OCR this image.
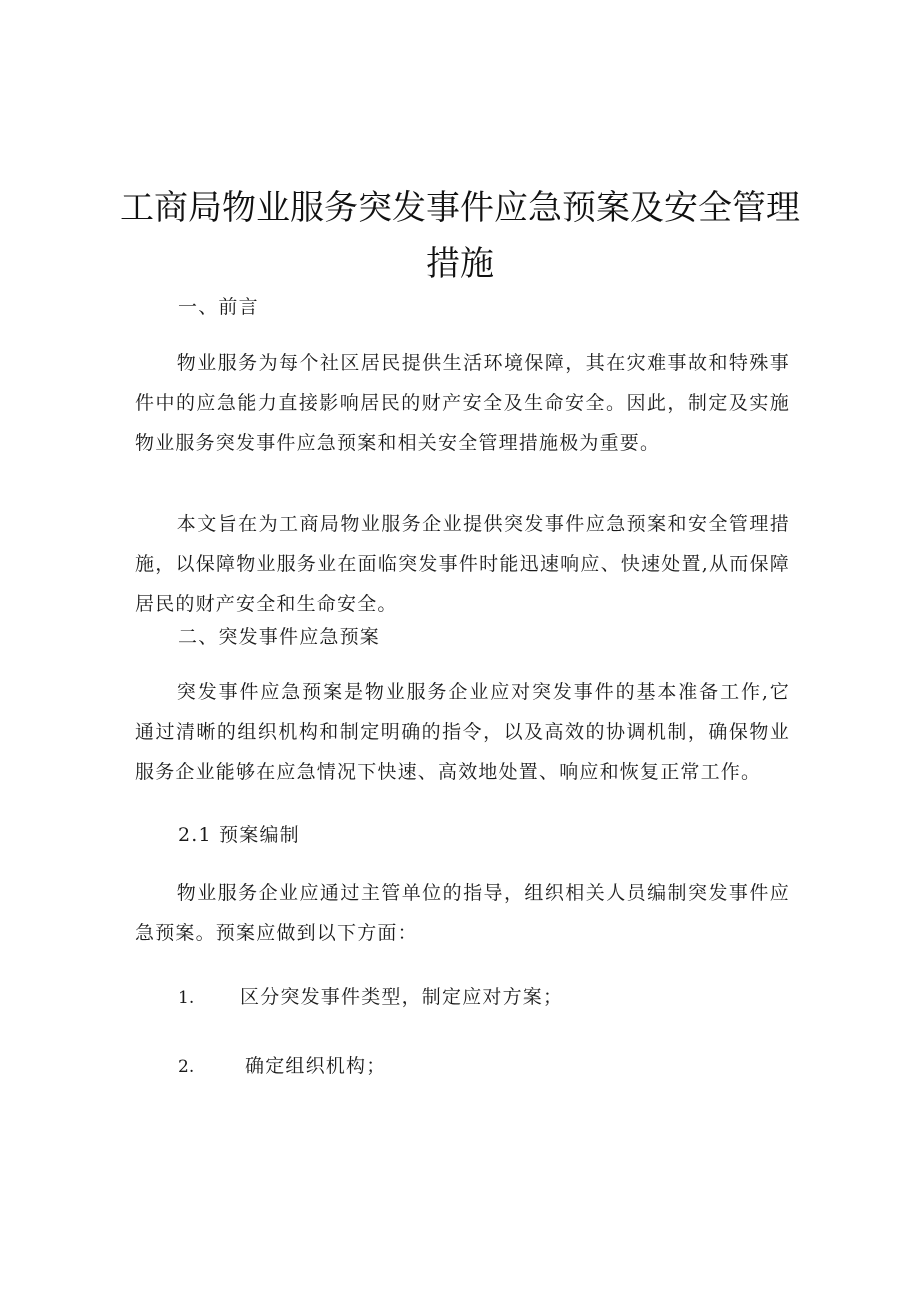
工商局物业服务突发事件应急预案及安全管理措施
一、前言
物业服务为每个社区居民提供生活环境保障，其在灾难事故和特殊事件中的应急能力直接影响居民的财产安全及生命安全。因此，制定及实施物业服务突发事件应急预案和相关安全管理措施极为重要。
本文旨在为工商局物业服务企业提供突发事件应急预案和安全管理措施，以保障物业服务业在面临突发事件时能迅速响应、快速处置,从而保障居民的财产安全和生命安全。
二、突发事件应急预案
突发事件应急预案是物业服务企业应对突发事件的基本准备工作,它通过清晰的组织机构和制定明确的指令，以及高效的协调机制，确保物业服务企业能够在应急情况下快速、高效地处置、响应和恢复正常工作。
2.1 预案编制
物业服务企业应通过主管单位的指导，组织相关人员编制突发事件应急预案。预案应做到以下方面：
1. 区分突发事件类型，制定应对方案；
2.	确定组织机构；
